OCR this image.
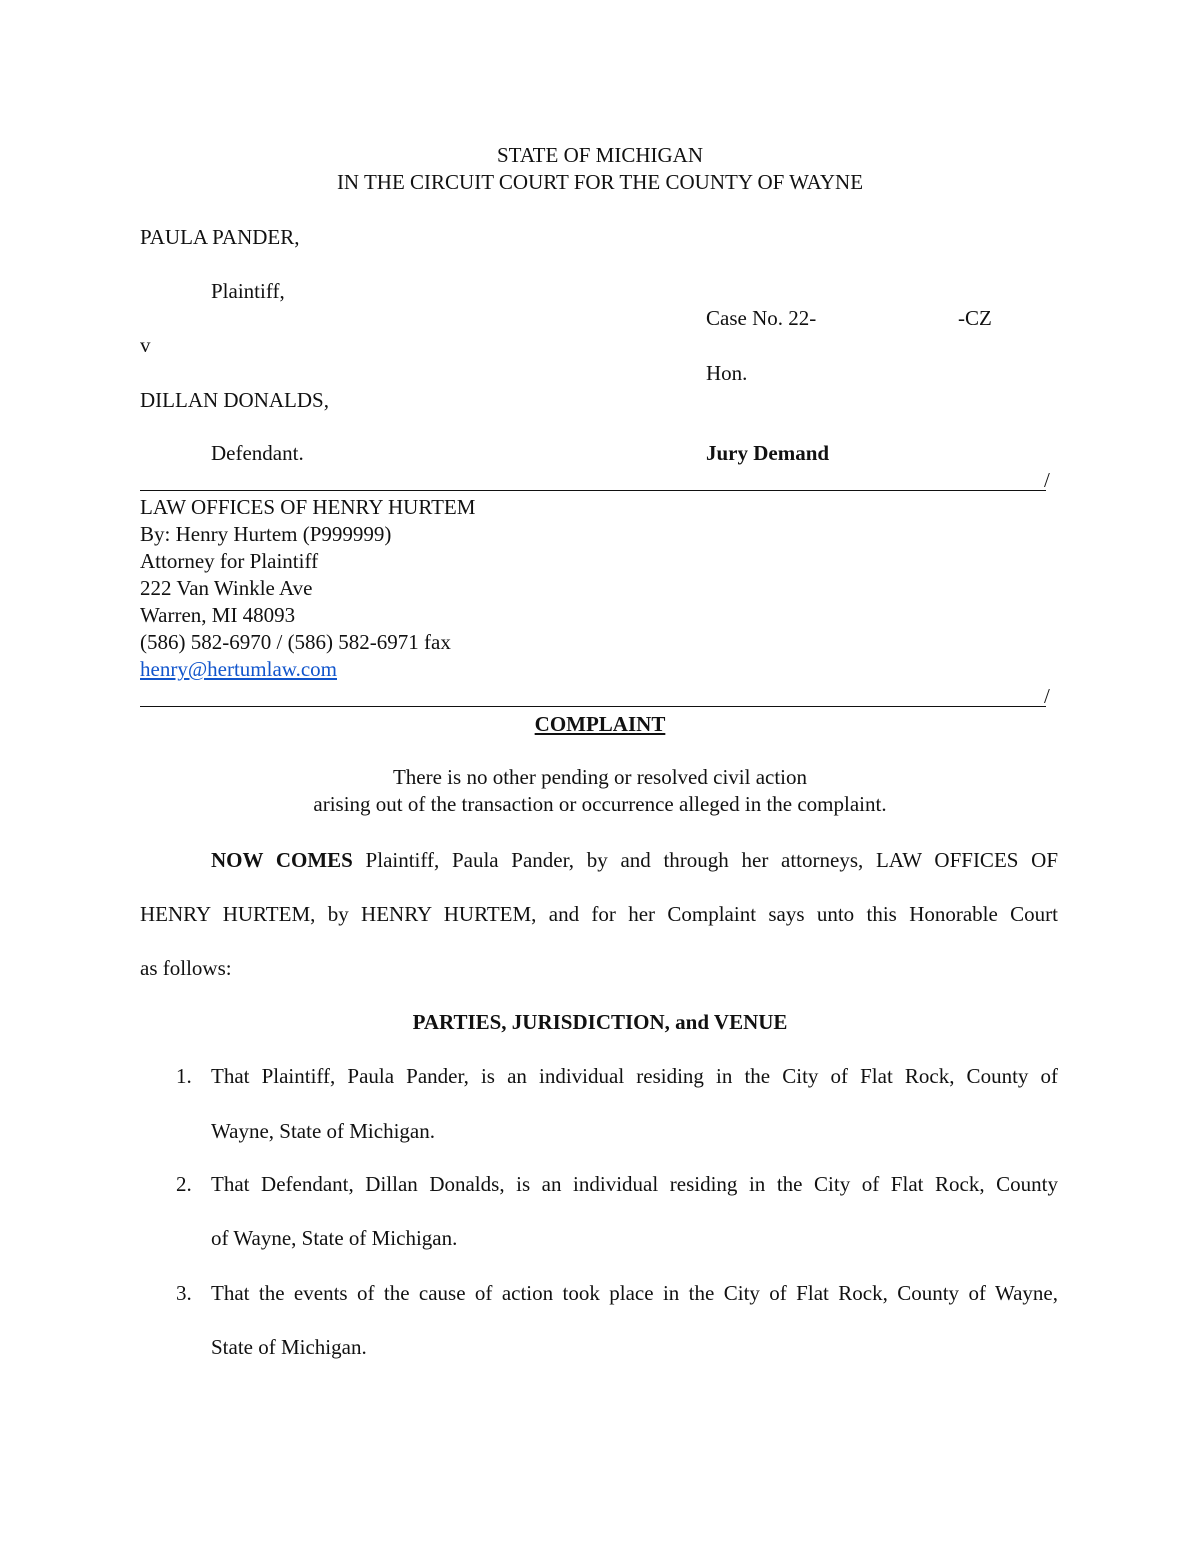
STATE OF MICHIGAN
IN THE CIRCUIT COURT FOR THE COUNTY OF WAYNE
PAULA PANDER,
Plaintiff,
v
DILLAN DONALDS,
Defendant.
Case No. 22-	-CZ
Hon.
Jury Demand
/
LAW OFFICES OF HENRY HURTEM
By: Henry Hurtem (P999999)
Attorney for Plaintiff
222 Van Winkle Ave
Warren, MI 48093
(586) 582-6970 / (586) 582-6971 fax
henry@hertumlaw.com
/
COMPLAINT
There is no other pending or resolved civil action
arising out of the transaction or occurrence alleged in the complaint.
NOW COMES Plaintiff, Paula Pander, by and through her attorneys, LAW OFFICES OF
HENRY HURTEM, by HENRY HURTEM, and for her Complaint says unto this Honorable Court
as follows:
PARTIES, JURISDICTION, and VENUE
1. That Plaintiff, Paula Pander, is an individual residing in the City of Flat Rock, County of
Wayne, State of Michigan.
2. That Defendant, Dillan Donalds, is an individual residing in the City of Flat Rock, County
of Wayne, State of Michigan.
3. That the events of the cause of action took place in the City of Flat Rock, County of Wayne,
State of Michigan.
